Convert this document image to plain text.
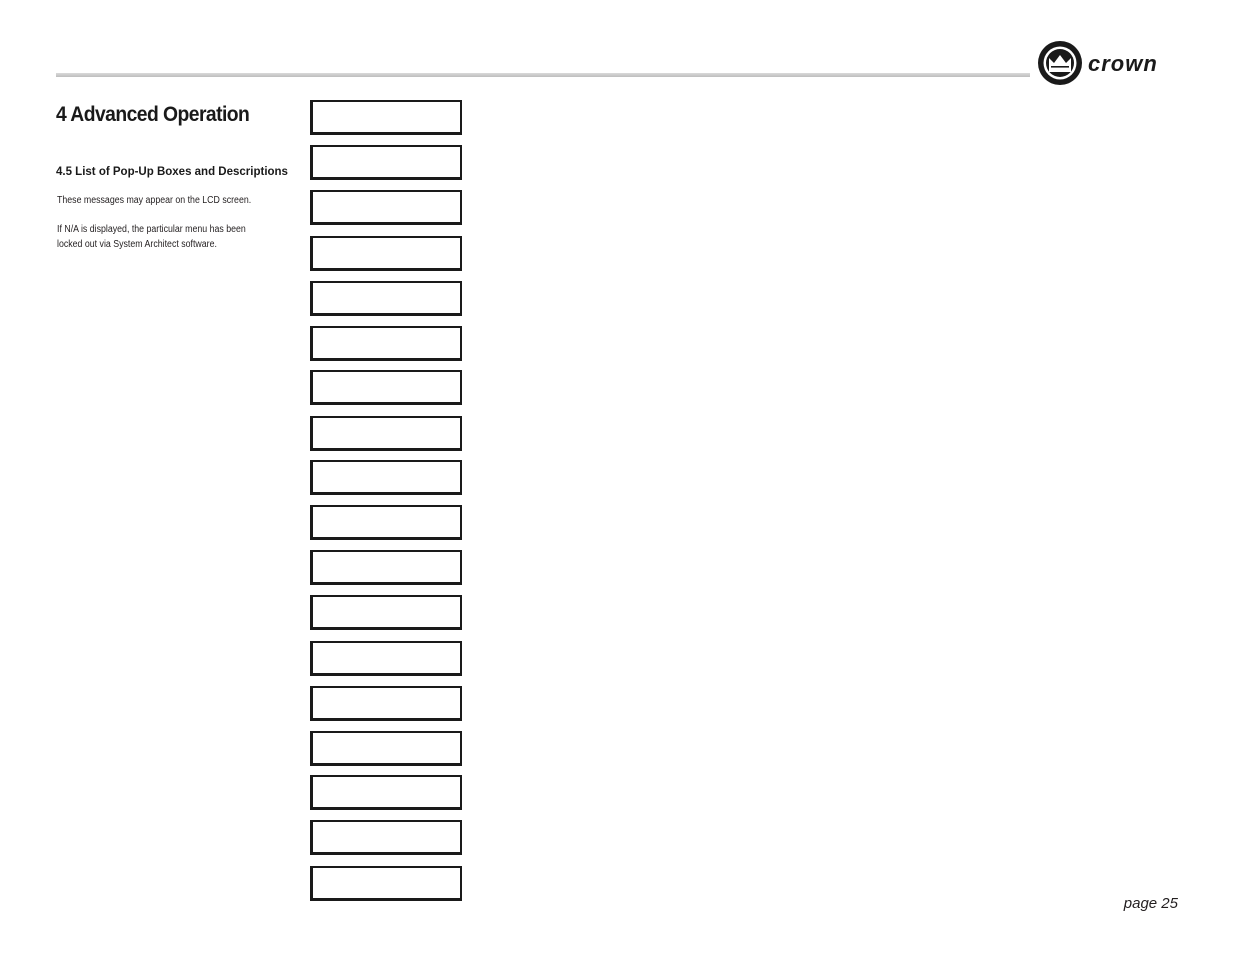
crown
4 Advanced Operation
4.5 List of Pop-Up Boxes and Descriptions

These messages may appear on the LCD screen.

If N/A is displayed, the particular menu has been locked out via System Architect software.

page 25
